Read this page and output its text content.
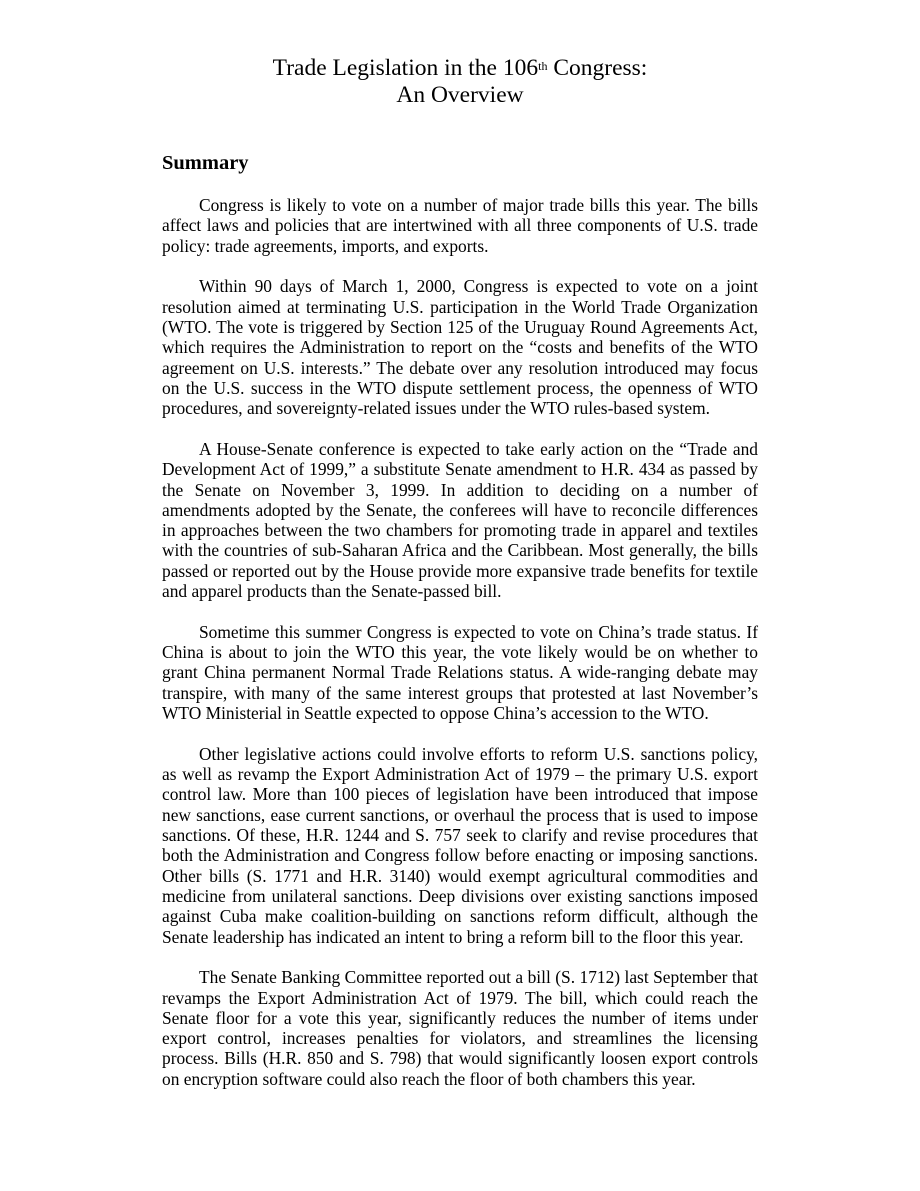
Trade Legislation in the 106th Congress:
An Overview
Summary

Congress is likely to vote on a number of major trade bills this year. The bills affect laws and policies that are intertwined with all three components of U.S. trade policy: trade agreements, imports, and exports.

Within 90 days of March 1, 2000, Congress is expected to vote on a joint resolution aimed at terminating U.S. participation in the World Trade Organization (WTO. The vote is triggered by Section 125 of the Uruguay Round Agreements Act, which requires the Administration to report on the “costs and benefits of the WTO agreement on U.S. interests.” The debate over any resolution introduced may focus on the U.S. success in the WTO dispute settlement process, the openness of WTO procedures, and sovereignty-related issues under the WTO rules-based system.

A House-Senate conference is expected to take early action on the “Trade and Development Act of 1999,” a substitute Senate amendment to H.R. 434 as passed by the Senate on November 3, 1999. In addition to deciding on a number of amendments adopted by the Senate, the conferees will have to reconcile differences in approaches between the two chambers for promoting trade in apparel and textiles with the countries of sub-Saharan Africa and the Caribbean. Most generally, the bills passed or reported out by the House provide more expansive trade benefits for textile and apparel products than the Senate-passed bill.

Sometime this summer Congress is expected to vote on China’s trade status. If China is about to join the WTO this year, the vote likely would be on whether to grant China permanent Normal Trade Relations status. A wide-ranging debate may transpire, with many of the same interest groups that protested at last November’s WTO Ministerial in Seattle expected to oppose China’s accession to the WTO.

Other legislative actions could involve efforts to reform U.S. sanctions policy, as well as revamp the Export Administration Act of 1979 – the primary U.S. export control law. More than 100 pieces of legislation have been introduced that impose new sanctions, ease current sanctions, or overhaul the process that is used to impose sanctions. Of these, H.R. 1244 and S. 757 seek to clarify and revise procedures that both the Administration and Congress follow before enacting or imposing sanctions. Other bills (S. 1771 and H.R. 3140) would exempt agricultural commodities and medicine from unilateral sanctions. Deep divisions over existing sanctions imposed against Cuba make coalition-building on sanctions reform difficult, although the Senate leadership has indicated an intent to bring a reform bill to the floor this year.

The Senate Banking Committee reported out a bill (S. 1712) last September that revamps the Export Administration Act of 1979. The bill, which could reach the Senate floor for a vote this year, significantly reduces the number of items under export control, increases penalties for violators, and streamlines the licensing process. Bills (H.R. 850 and S. 798) that would significantly loosen export controls on encryption software could also reach the floor of both chambers this year.
